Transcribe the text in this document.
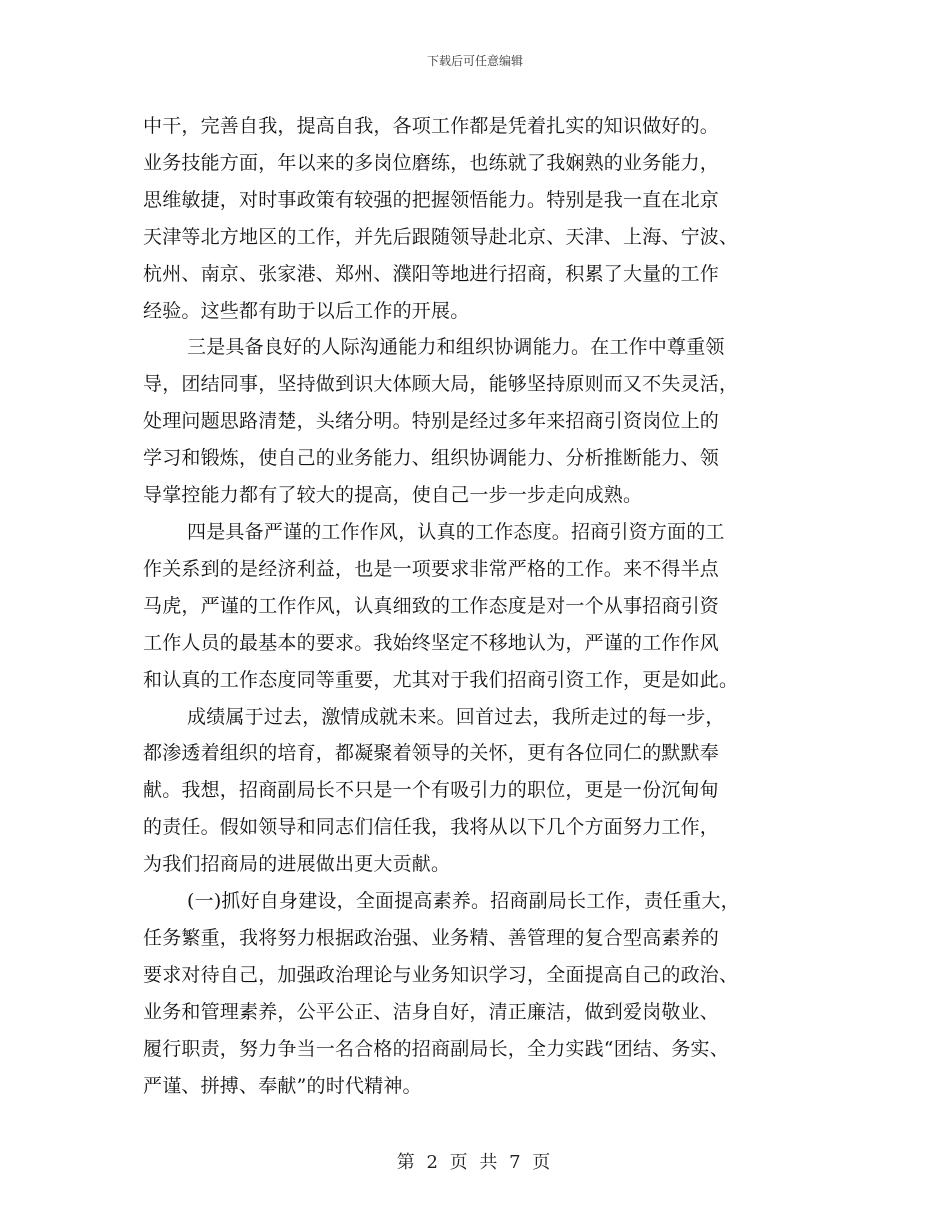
下载后可任意编辑

中干，完善自我，提高自我，各项工作都是凭着扎实的知识做好的。
业务技能方面，年以来的多岗位磨练，也练就了我娴熟的业务能力，
思维敏捷，对时事政策有较强的把握领悟能力。特别是我一直在北京
天津等北方地区的工作，并先后跟随领导赴北京、天津、上海、宁波、
杭州、南京、张家港、郑州、濮阳等地进行招商，积累了大量的工作
经验。这些都有助于以后工作的开展。

三是具备良好的人际沟通能力和组织协调能力。在工作中尊重领
导，团结同事，坚持做到识大体顾大局，能够坚持原则而又不失灵活，
处理问题思路清楚，头绪分明。特别是经过多年来招商引资岗位上的
学习和锻炼，使自己的业务能力、组织协调能力、分析推断能力、领
导掌控能力都有了较大的提高，使自己一步一步走向成熟。

四是具备严谨的工作作风，认真的工作态度。招商引资方面的工
作关系到的是经济利益，也是一项要求非常严格的工作。来不得半点
马虎，严谨的工作作风，认真细致的工作态度是对一个从事招商引资
工作人员的最基本的要求。我始终坚定不移地认为，严谨的工作作风
和认真的工作态度同等重要，尤其对于我们招商引资工作，更是如此。

成绩属于过去，激情成就未来。回首过去，我所走过的每一步，
都渗透着组织的培育，都凝聚着领导的关怀，更有各位同仁的默默奉
献。我想，招商副局长不只是一个有吸引力的职位，更是一份沉甸甸
的责任。假如领导和同志们信任我，我将从以下几个方面努力工作，
为我们招商局的进展做出更大贡献。

(一)抓好自身建设，全面提高素养。招商副局长工作，责任重大，
任务繁重，我将努力根据政治强、业务精、善管理的复合型高素养的
要求对待自己，加强政治理论与业务知识学习，全面提高自己的政治、
业务和管理素养，公平公正、洁身自好，清正廉洁，做到爱岗敬业、
履行职责，努力争当一名合格的招商副局长，全力实践“团结、务实、
严谨、拼搏、奉献”的时代精神。

第 2 页 共 7 页
